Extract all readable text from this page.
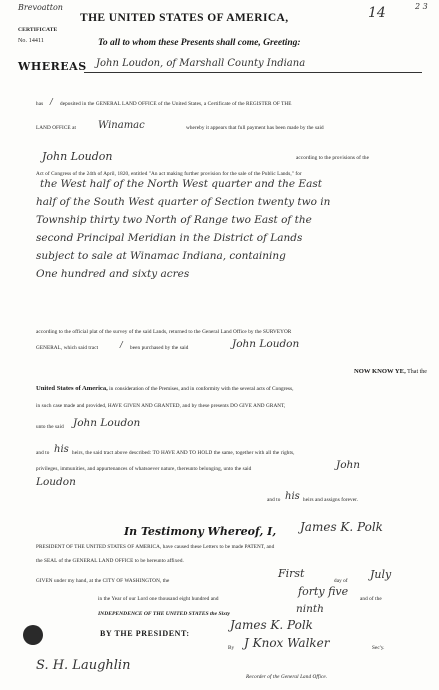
Brevoatton
CERTIFICATE
No. 14411
THE UNITED STATES OF AMERICA,	14	2 3
To all to whom these Presents shall come, Greeting:
WHEREAS John Loudon, of Marshall County Indiana
has / deposited in the GENERAL LAND OFFICE of the United States, a Certificate of the REGISTER OF THE
LAND OFFICE at Winamac	whereby it appears that full payment has been made by the said
John Loudon	according to the provisions of the
Act of Congress of the 24th of April, 1820, entitled "An act making further provision for the sale of the Public Lands," for
the West half of the North West quarter and the East
half of the South West quarter of Section twenty two in
Township thirty two North of Range two East of the
second Principal Meridian in the District of Lands
subject to sale at Winamac Indiana, containing
One hundred and sixty acres
according to the official plat of the survey of the said Lands, returned to the General Land Office by the SURVEYOR
GENERAL, which said tract	/ been purchased by the said	John Loudon
NOW KNOW YE, That the
United States of America, in consideration of the Premises, and in conformity with the several acts of Congress,
in such case made and provided, HAVE GIVEN AND GRANTED, and by these presents DO GIVE AND GRANT,
unto the said John Loudon
and to his heirs, the said tract above described: TO HAVE AND TO HOLD the same, together with all the rights,
privileges, immunities, and appurtenances of whatsoever nature, thereunto belonging, unto the said	John
Loudon
and to his heirs and assigns forever.
In Testimony Whereof, I, James K. Polk
PRESIDENT OF THE UNITED STATES OF AMERICA, have caused these Letters to be made PATENT, and
the SEAL of the GENERAL LAND OFFICE to be hereunto affixed.
GIVEN under my hand, at the CITY OF WASHINGTON, the
First
day of July
in the Year of our Lord one thousand eight hundred and
forty five
and of the
INDEPENDENCE OF THE UNITED STATES the Sixty	ninth
BY THE PRESIDENT:
James K. Polk
By J Knox Walker	Sec'y.
S. H. Laughlin
Recorder of the General Land Office.
